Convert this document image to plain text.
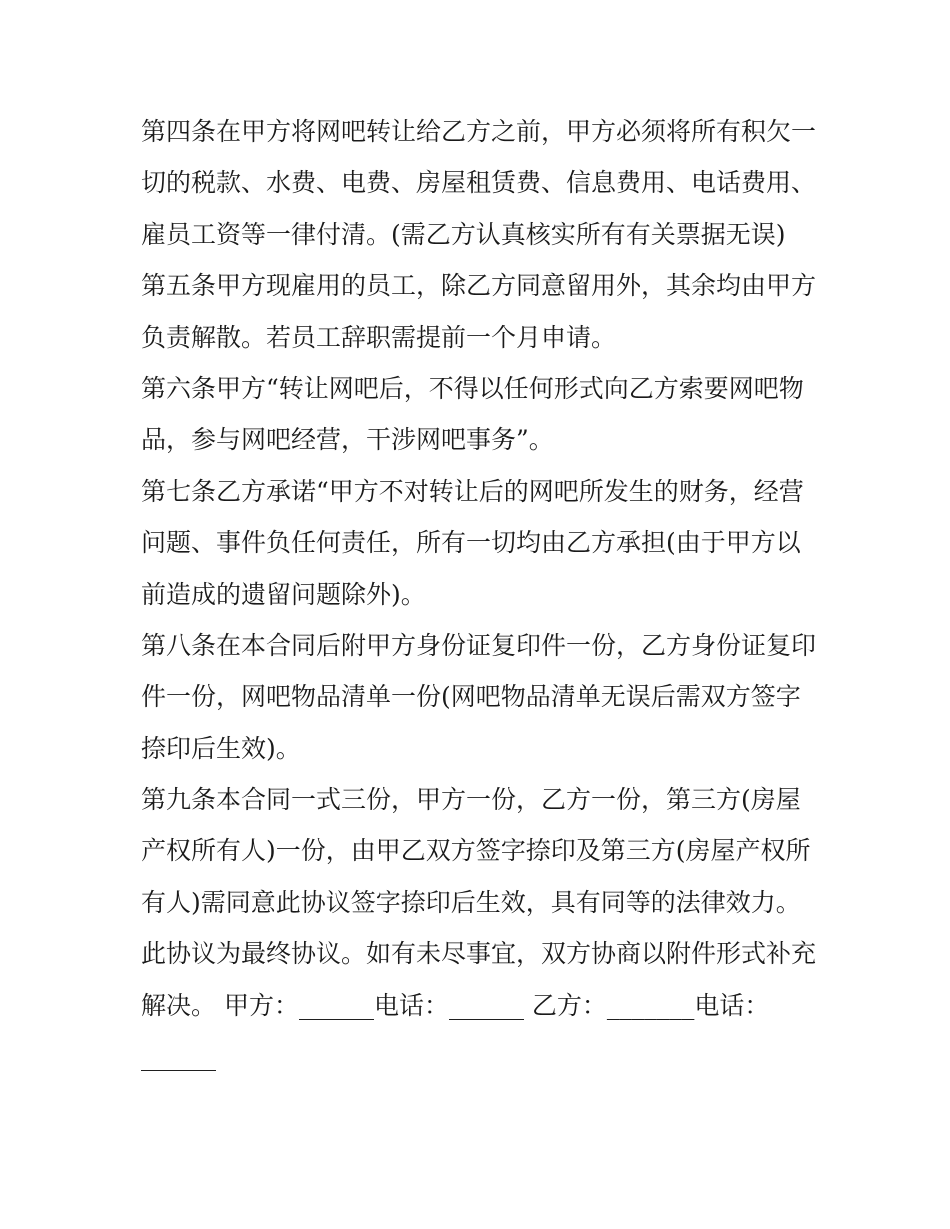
第四条在甲方将网吧转让给乙方之前，甲方必须将所有积欠一
切的税款、水费、电费、房屋租赁费、信息费用、电话费用、
雇员工资等一律付清。(需乙方认真核实所有有关票据无误)
第五条甲方现雇用的员工，除乙方同意留用外，其余均由甲方
负责解散。若员工辞职需提前一个月申请。
第六条甲方“转让网吧后，不得以任何形式向乙方索要网吧物
品，参与网吧经营，干涉网吧事务”。
第七条乙方承诺“甲方不对转让后的网吧所发生的财务，经营
问题、事件负任何责任，所有一切均由乙方承担(由于甲方以
前造成的遗留问题除外)。
第八条在本合同后附甲方身份证复印件一份，乙方身份证复印
件一份，网吧物品清单一份(网吧物品清单无误后需双方签字
捺印后生效)。
第九条本合同一式三份，甲方一份，乙方一份，第三方(房屋
产权所有人)一份，由甲乙双方签字捺印及第三方(房屋产权所
有人)需同意此协议签字捺印后生效，具有同等的法律效力。
此协议为最终协议。如有未尽事宜，双方协商以附件形式补充
解决。 甲方：______电话：______ 乙方：_______电话：
______
